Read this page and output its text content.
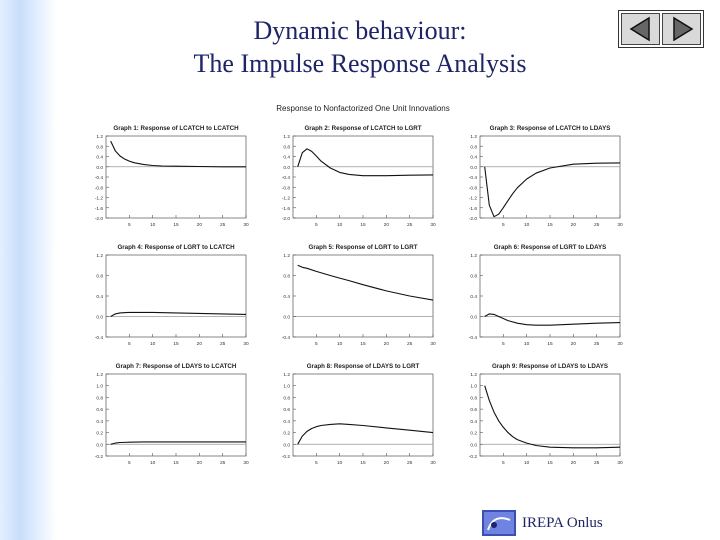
Dynamic behaviour:
The Impulse Response Analysis
Response to Nonfactorized One Unit Innovations
Graph 1: Response of LCATCH to LCATCH
1.2
0.8
0.4
0.0
-0.4
-0.8
-1.2
-1.6
-2.0
5	10	15	20	25	30
Graph 2: Response of LCATCH to LGRT
1.2
0.8
0.4
0.0
-0.4
-0.8
-1.2
-1.6
-2.0
5	10	15	20	25	30
Graph 3: Response of LCATCH to LDAYS
1.2
0.8
0.4
0.0
-0.4
-0.8
-1.2
-1.6
-2.0
5	10	15	20	25	30
Graph 4: Response of LGRT to LCATCH
1.2
0.8
0.4
0.0
-0.4
5	10	15	20	25	30
Graph 5: Response of LGRT to LGRT
1.2
0.8
0.4
0.0
-0.4
5	10	15	20	25	30
Graph 6: Response of LGRT to LDAYS
1.2
0.8
0.4
0.0
-0.4
5	10	15	20	25	30
Graph 7: Response of LDAYS to LCATCH
1.2
1.0
0.8
0.6
0.4
0.2
0.0
-0.2
5	10	15	20	25	30
Graph 8: Response of LDAYS to LGRT
1.2
1.0
0.8
0.6
0.4
0.2
0.0
-0.2
5	10	15	20	25	30
Graph 9: Response of LDAYS to LDAYS
1.2
1.0
0.8
0.6
0.4
0.2
0.0
-0.2
5	10	15	20	25	30
IREPA Onlus
